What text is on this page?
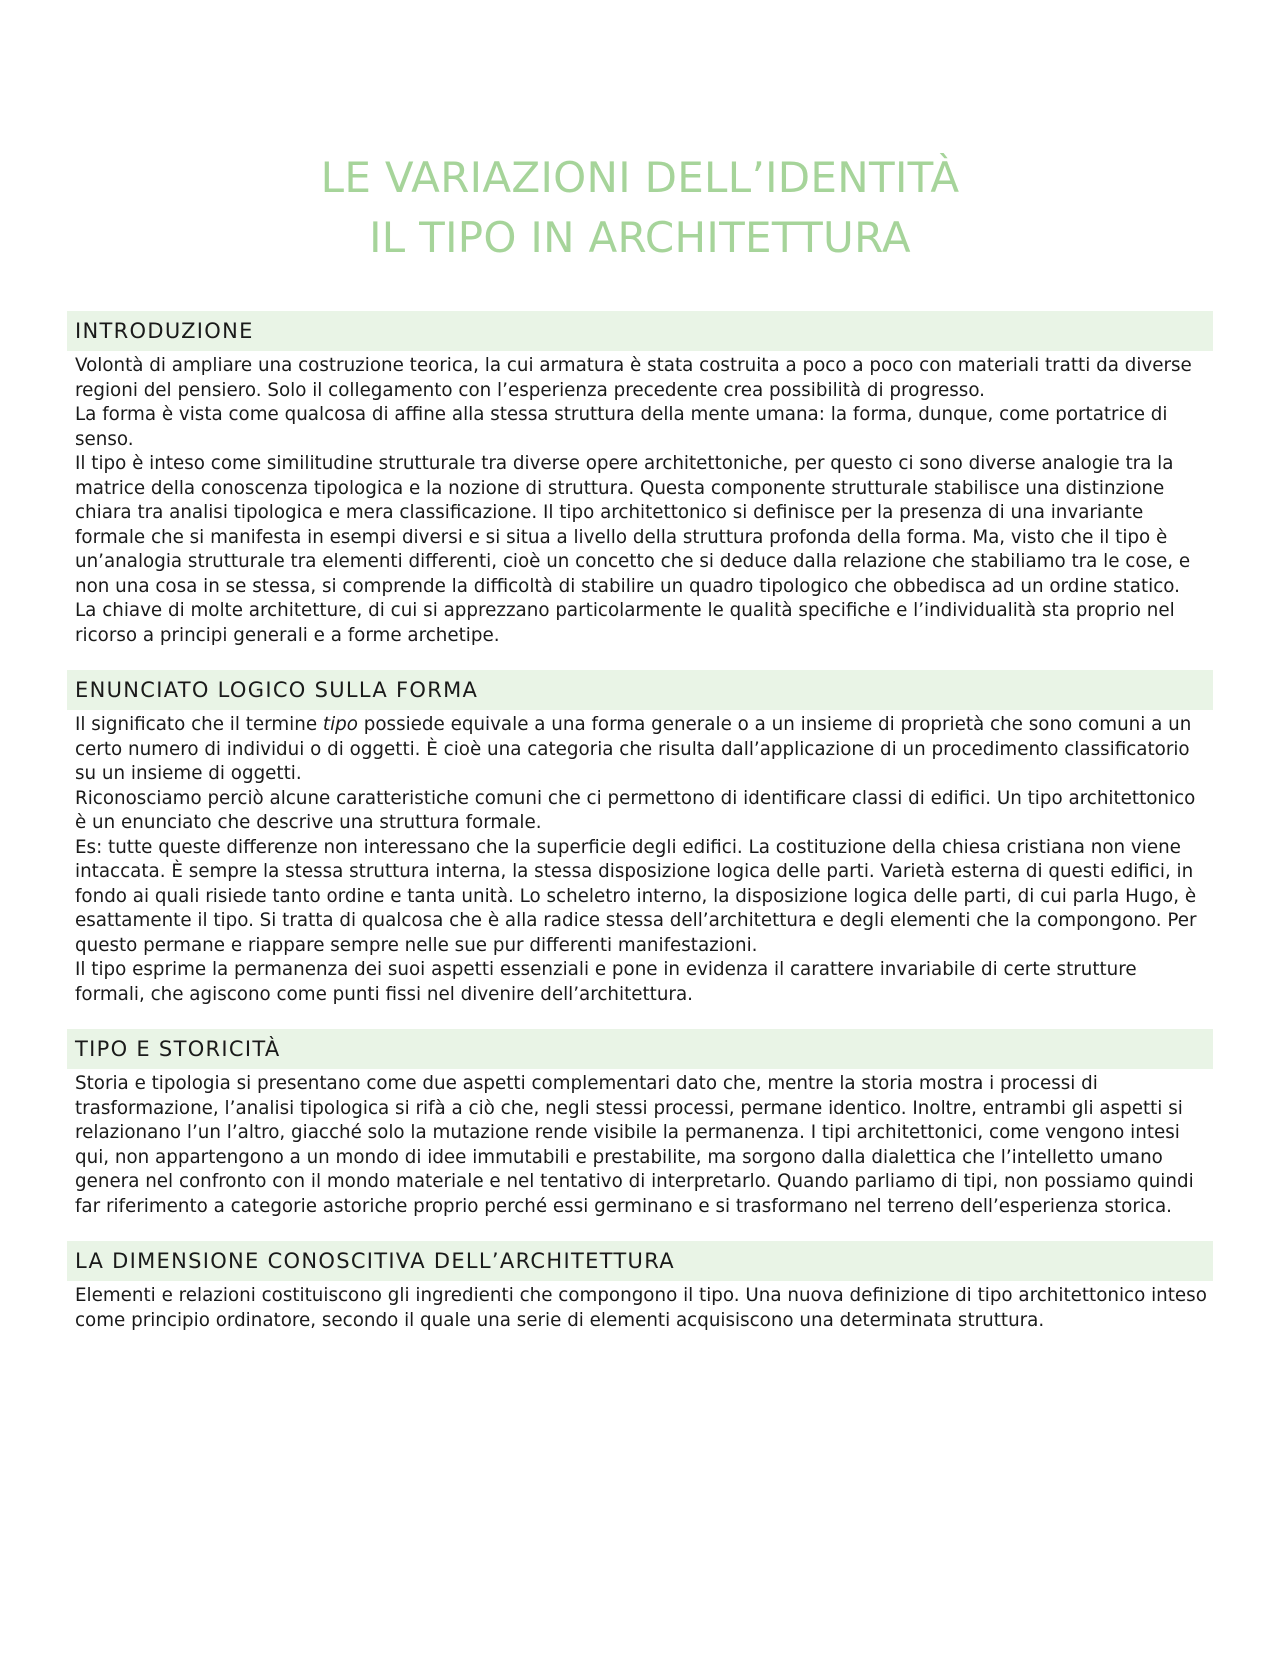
LE VARIAZIONI DELL’IDENTITÀ
IL TIPO IN ARCHITETTURA
INTRODUZIONE

Volontà di ampliare una costruzione teorica, la cui armatura è stata costruita a poco a poco con materiali tratti da diverse regioni del pensiero. Solo il collegamento con l’esperienza precedente crea possibilità di progresso.

La forma è vista come qualcosa di affine alla stessa struttura della mente umana: la forma, dunque, come portatrice di senso.

Il tipo è inteso come similitudine strutturale tra diverse opere architettoniche, per questo ci sono diverse analogie tra la matrice della conoscenza tipologica e la nozione di struttura. Questa componente strutturale stabilisce una distinzione chiara tra analisi tipologica e mera classificazione. Il tipo architettonico si definisce per la presenza di una invariante formale che si manifesta in esempi diversi e si situa a livello della struttura profonda della forma. Ma, visto che il tipo è un’analogia strutturale tra elementi differenti, cioè un concetto che si deduce dalla relazione che stabiliamo tra le cose, e non una cosa in se stessa, si comprende la difficoltà di stabilire un quadro tipologico che obbedisca ad un ordine statico.

La chiave di molte architetture, di cui si apprezzano particolarmente le qualità specifiche e l’individualità sta proprio nel ricorso a principi generali e a forme archetipe.

ENUNCIATO LOGICO SULLA FORMA

Il significato che il termine tipo possiede equivale a una forma generale o a un insieme di proprietà che sono comuni a un certo numero di individui o di oggetti. È cioè una categoria che risulta dall’applicazione di un procedimento classificatorio su un insieme di oggetti.

Riconosciamo perciò alcune caratteristiche comuni che ci permettono di identificare classi di edifici. Un tipo architettonico è un enunciato che descrive una struttura formale.

Es: tutte queste differenze non interessano che la superficie degli edifici. La costituzione della chiesa cristiana non viene intaccata. È sempre la stessa struttura interna, la stessa disposizione logica delle parti. Varietà esterna di questi edifici, in fondo ai quali risiede tanto ordine e tanta unità. Lo scheletro interno, la disposizione logica delle parti, di cui parla Hugo, è esattamente il tipo. Si tratta di qualcosa che è alla radice stessa dell’architettura e degli elementi che la compongono. Per questo permane e riappare sempre nelle sue pur differenti manifestazioni.

Il tipo esprime la permanenza dei suoi aspetti essenziali e pone in evidenza il carattere invariabile di certe strutture formali, che agiscono come punti fissi nel divenire dell’architettura.

TIPO E STORICITÀ

Storia e tipologia si presentano come due aspetti complementari dato che, mentre la storia mostra i processi di trasformazione, l’analisi tipologica si rifà a ciò che, negli stessi processi, permane identico. Inoltre, entrambi gli aspetti si relazionano l’un l’altro, giacché solo la mutazione rende visibile la permanenza. I tipi architettonici, come vengono intesi qui, non appartengono a un mondo di idee immutabili e prestabilite, ma sorgono dalla dialettica che l’intelletto umano genera nel confronto con il mondo materiale e nel tentativo di interpretarlo. Quando parliamo di tipi, non possiamo quindi far riferimento a categorie astoriche proprio perché essi germinano e si trasformano nel terreno dell’esperienza storica.

LA DIMENSIONE CONOSCITIVA DELL’ARCHITETTURA

Elementi e relazioni costituiscono gli ingredienti che compongono il tipo. Una nuova definizione di tipo architettonico inteso come principio ordinatore, secondo il quale una serie di elementi acquisiscono una determinata struttura.
